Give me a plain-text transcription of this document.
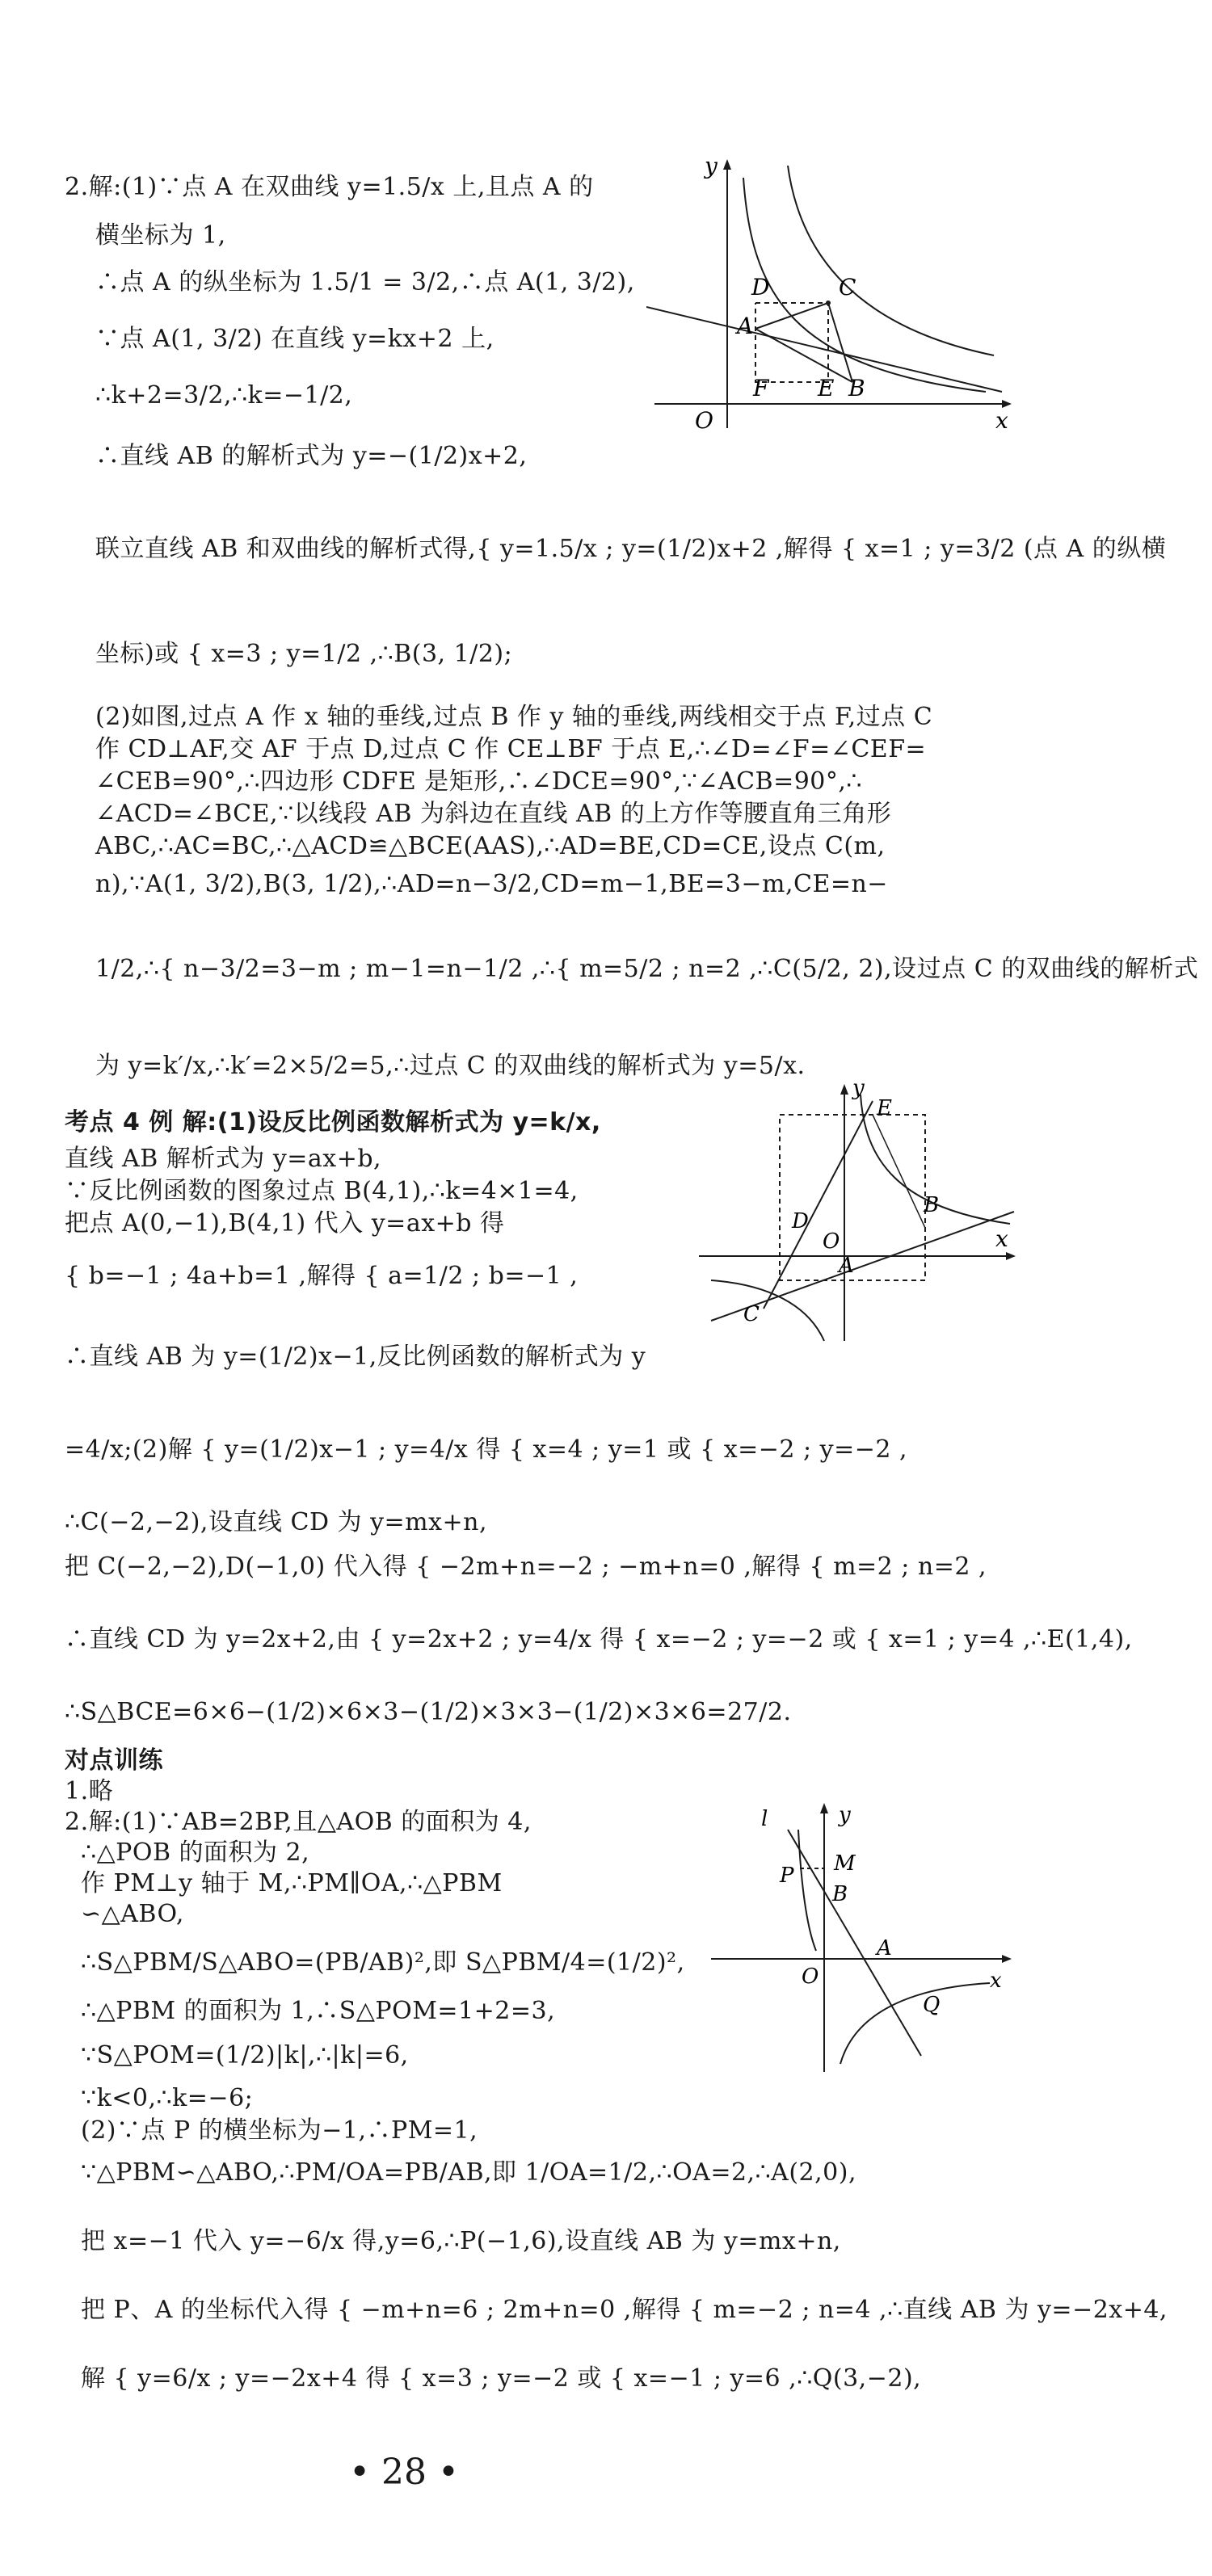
2.解:(1)∵点 A 在双曲线 y=1.5/x 上,且点 A 的
横坐标为 1,
∴点 A 的纵坐标为 1.5/1 = 3/2,∴点 A(1, 3/2),
∵点 A(1, 3/2) 在直线 y=kx+2 上,
∴k+2=3/2,∴k=−1/2,
∴直线 AB 的解析式为 y=−(1/2)x+2,
联立直线 AB 和双曲线的解析式得,{ y=1.5/x ; y=(1/2)x+2 ,解得 { x=1 ; y=3/2 (点 A 的纵横
坐标)或 { x=3 ; y=1/2 ,∴B(3, 1/2);
(2)如图,过点 A 作 x 轴的垂线,过点 B 作 y 轴的垂线,两线相交于点 F,过点 C
作 CD⊥AF,交 AF 于点 D,过点 C 作 CE⊥BF 于点 E,∴∠D=∠F=∠CEF=
∠CEB=90°,∴四边形 CDFE 是矩形,∴∠DCE=90°,∵∠ACB=90°,∴
∠ACD=∠BCE,∵以线段 AB 为斜边在直线 AB 的上方作等腰直角三角形
ABC,∴AC=BC,∴△ACD≌△BCE(AAS),∴AD=BE,CD=CE,设点 C(m,
n),∵A(1, 3/2),B(3, 1/2),∴AD=n−3/2,CD=m−1,BE=3−m,CE=n−
1/2,∴{ n−3/2=3−m ; m−1=n−1/2 ,∴{ m=5/2 ; n=2 ,∴C(5/2, 2),设过点 C 的双曲线的解析式
为 y=k′/x,∴k′=2×5/2=5,∴过点 C 的双曲线的解析式为 y=5/x.
考点 4 例 解:(1)设反比例函数解析式为 y=k/x,
直线 AB 解析式为 y=ax+b,
∵反比例函数的图象过点 B(4,1),∴k=4×1=4,
把点 A(0,−1),B(4,1) 代入 y=ax+b 得
{ b=−1 ; 4a+b=1 ,解得 { a=1/2 ; b=−1 ,
∴直线 AB 为 y=(1/2)x−1,反比例函数的解析式为 y
=4/x;(2)解 { y=(1/2)x−1 ; y=4/x 得 { x=4 ; y=1 或 { x=−2 ; y=−2 ,
∴C(−2,−2),设直线 CD 为 y=mx+n,
把 C(−2,−2),D(−1,0) 代入得 { −2m+n=−2 ; −m+n=0 ,解得 { m=2 ; n=2 ,
∴直线 CD 为 y=2x+2,由 { y=2x+2 ; y=4/x 得 { x=−2 ; y=−2 或 { x=1 ; y=4 ,∴E(1,4),
∴S△BCE=6×6−(1/2)×6×3−(1/2)×3×3−(1/2)×3×6=27/2.
对点训练
1.略
2.解:(1)∵AB=2BP,且△AOB 的面积为 4,
∴△POB 的面积为 2,
作 PM⊥y 轴于 M,∴PM∥OA,∴△PBM
∽△ABO,
∴S△PBM/S△ABO=(PB/AB)²,即 S△PBM/4=(1/2)²,
∴△PBM 的面积为 1,∴S△POM=1+2=3,
∵S△POM=(1/2)|k|,∴|k|=6,
∵k<0,∴k=−6;
(2)∵点 P 的横坐标为−1,∴PM=1,
∵△PBM∽△ABO,∴PM/OA=PB/AB,即 1/OA=1/2,∴OA=2,∴A(2,0),
把 x=−1 代入 y=−6/x 得,y=6,∴P(−1,6),设直线 AB 为 y=mx+n,
把 P、A 的坐标代入得 { −m+n=6 ; 2m+n=0 ,解得 { m=−2 ; n=4 ,∴直线 AB 为 y=−2x+4,
解 { y=6/x ; y=−2x+4 得 { x=3 ; y=−2 或 { x=−1 ; y=6 ,∴Q(3,−2),
y
x
O
D	C
A
F E B
y
x
E
B
D
O
C
A
l	y
P M
B
O
A
x
Q
• 28 •
